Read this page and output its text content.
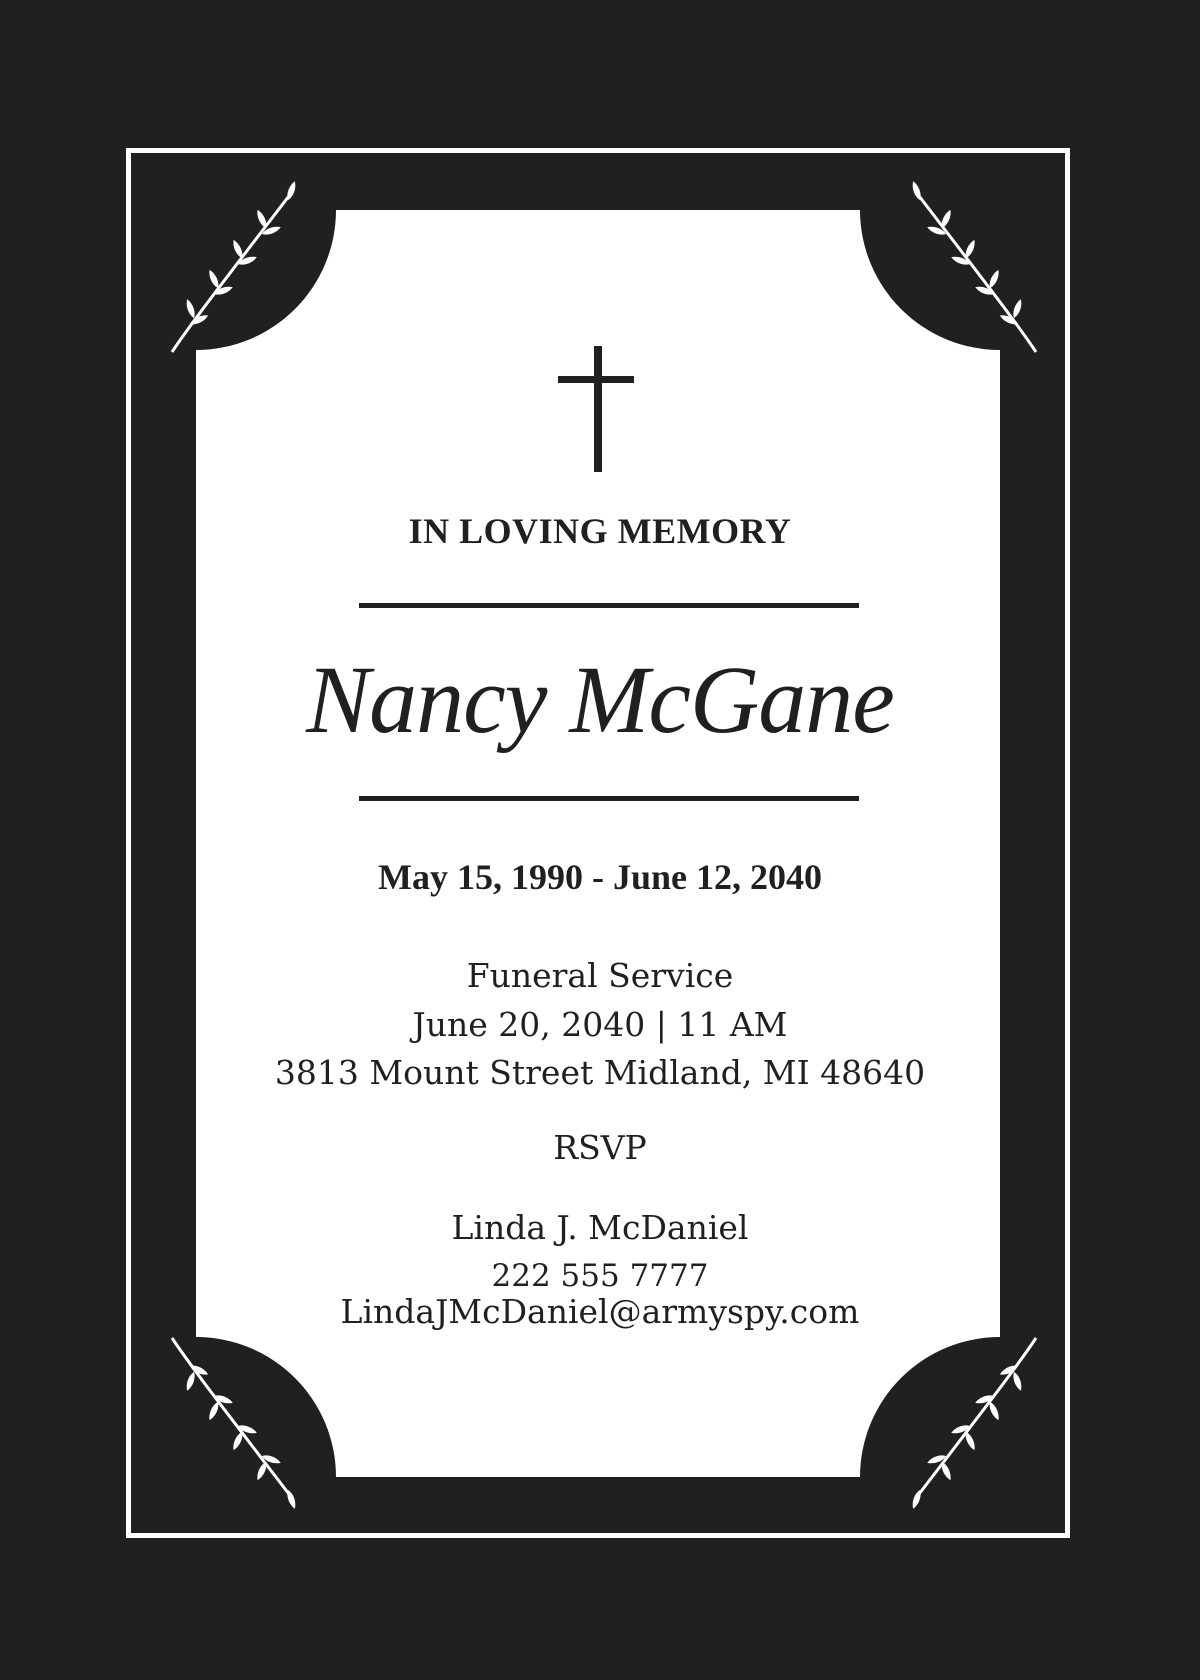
IN LOVING MEMORY

Nancy McGane

May 15, 1990 - June 12, 2040

Funeral Service

June 20, 2040 | 11 AM

3813 Mount Street Midland, MI 48640

RSVP

Linda J. McDaniel

222 555 7777

LindaJMcDaniel@armyspy.com
